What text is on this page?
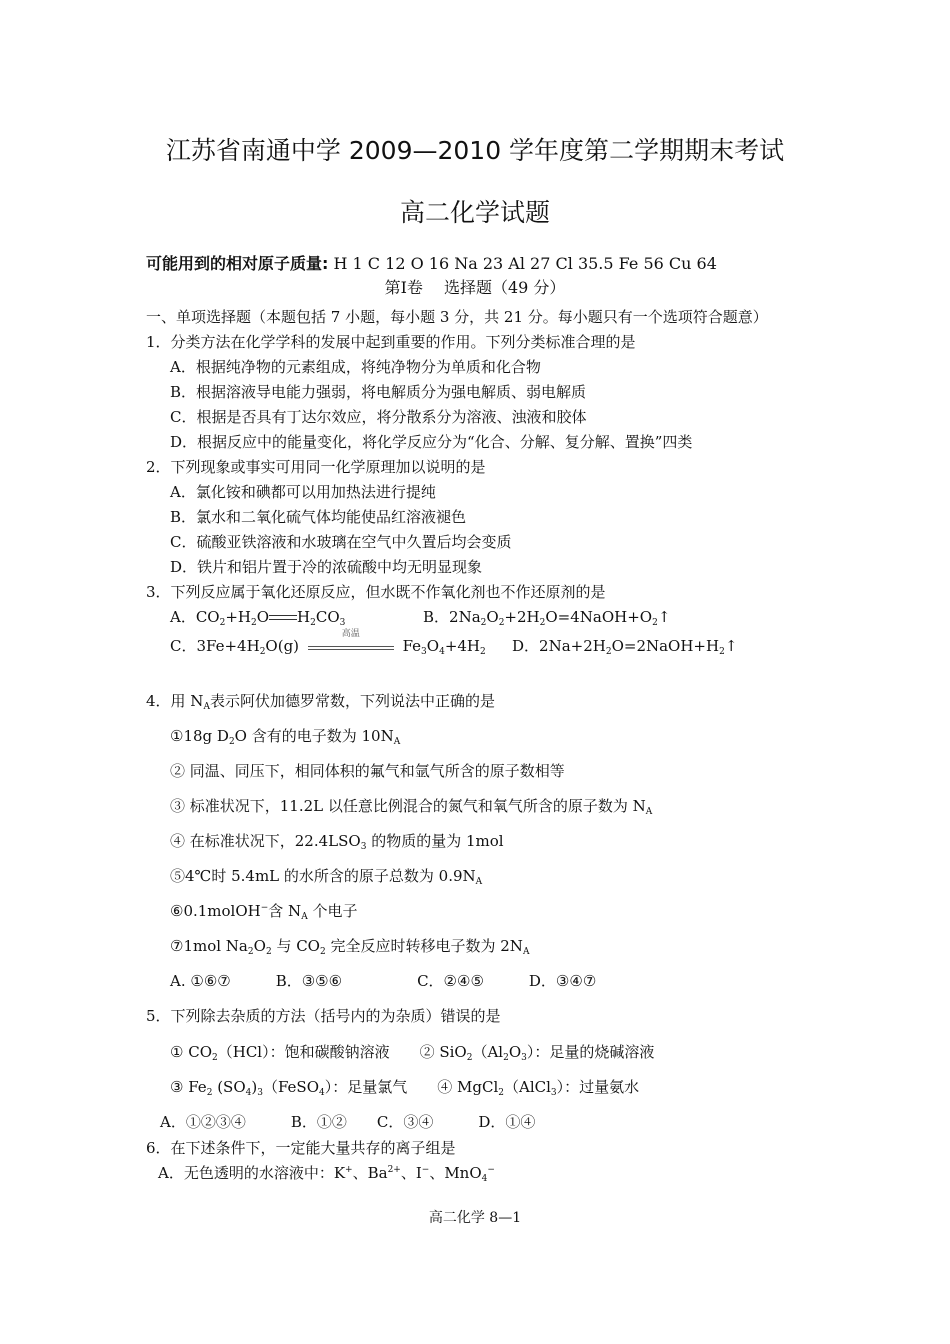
江苏省南通中学 2009—2010 学年度第二学期期末考试
高二化学试题
可能用到的相对原子质量: H 1 C 12 O 16 Na 23 Al 27 Cl 35.5 Fe 56 Cu 64
第Ⅰ卷　 选择题（49 分）
一、单项选择题（本题包括 7 小题，每小题 3 分，共 21 分。每小题只有一个选项符合题意）
1．分类方法在化学学科的发展中起到重要的作用。下列分类标准合理的是
A．根据纯净物的元素组成，将纯净物分为单质和化合物
B．根据溶液导电能力强弱，将电解质分为强电解质、弱电解质
C．根据是否具有丁达尔效应，将分散系分为溶液、浊液和胶体
D．根据反应中的能量变化，将化学反应分为“化合、分解、复分解、置换”四类
2．下列现象或事实可用同一化学原理加以说明的是
A．氯化铵和碘都可以用加热法进行提纯
B．氯水和二氧化硫气体均能使品红溶液褪色
C．硫酸亚铁溶液和水玻璃在空气中久置后均会变质
D．铁片和铝片置于冷的浓硫酸中均无明显现象
3．下列反应属于氧化还原反应，但水既不作氧化剂也不作还原剂的是
A．$CO_2+H_2O$ $H_2CO_3$	B．$2Na_2O_2+2H_2O=4NaOH+O_2↑$
C．$3Fe+4H_2O(g)$
高温
$Fe_3O_4+4H_2$ D．$2Na+2H_2O=2NaOH+H_2↑$
4．用 $N_A$表示阿伏加德罗常数，下列说法中正确的是
①18g $D_2O$ 含有的电子数为 $10N_A$
② 同温、同压下，相同体积的氟气和氩气所含的原子数相等
③ 标准状况下，11.2L 以任意比例混合的氮气和氧气所含的原子数为 $N_A$
④ 在标准状况下，$22.4LSO_3$ 的物质的量为 1mol
⑤4℃时 5.4mL 的水所含的原子总数为 $0.9N_A$
⑥0.1molOH−含 $N_A$ 个电子
⑦1mol $Na_2O_2$ 与 $CO_2$ 完全反应时转移电子数为 $2N_A$
A. ①⑥⑦　　　B．③⑤⑥　　　　　C．②④⑤　　　D．③④⑦
5．下列除去杂质的方法（括号内的为杂质）错误的是
① $CO_2(HCl)$：饱和碳酸钠溶液　　② $SiO_2(Al_2O_3)$：足量的烧碱溶液
③ $Fe_2$ $(SO_4)_3(FeSO_4)$：足量氯气　　④ MgCl$_2$（AlCl$_3$）：过量氨水
A．①②③④　　　B．①②　　C．③④　　　D．①④
6．在下述条件下，一定能大量共存的离子组是
A．无色透明的水溶液中：K+、$Ba^{2+}$、I−、MnO$_4$−
高二化学 8—1
